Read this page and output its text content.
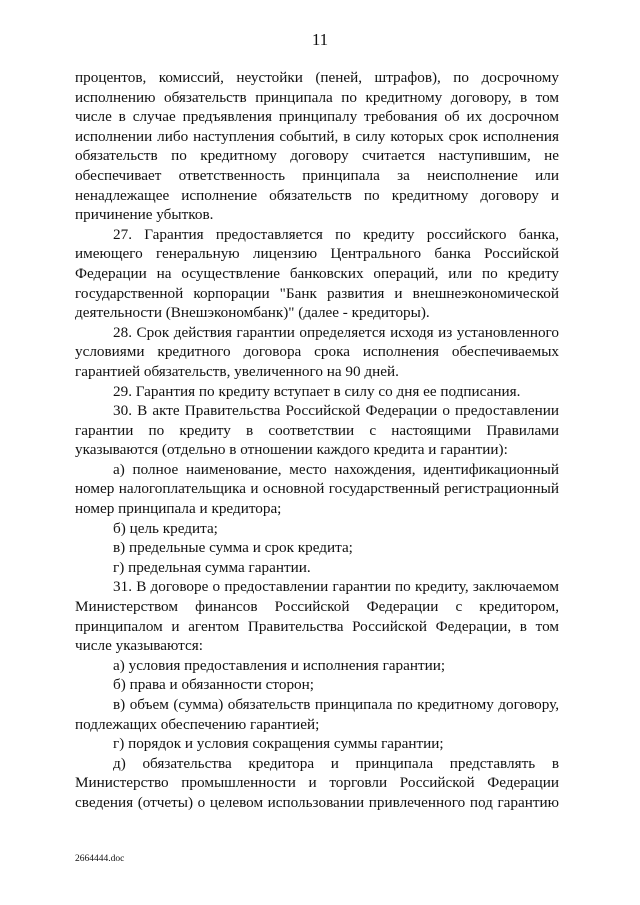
11

процентов, комиссий, неустойки (пеней, штрафов), по досрочному исполнению обязательств принципала по кредитному договору, в том числе в случае предъявления принципалу требования об их досрочном исполнении либо наступления событий, в силу которых срок исполнения обязательств по кредитному договору считается наступившим, не обеспечивает ответственность принципала за неисполнение или ненадлежащее исполнение обязательств по кредитному договору и причинение убытков.

27. Гарантия предоставляется по кредиту российского банка, имеющего генеральную лицензию Центрального банка Российской Федерации на осуществление банковских операций, или по кредиту государственной корпорации "Банк развития и внешнеэкономической деятельности (Внешэкономбанк)" (далее - кредиторы).

28. Срок действия гарантии определяется исходя из установленного условиями кредитного договора срока исполнения обеспечиваемых гарантией обязательств, увеличенного на 90 дней.

29. Гарантия по кредиту вступает в силу со дня ее подписания.

30. В акте Правительства Российской Федерации о предоставлении гарантии по кредиту в соответствии с настоящими Правилами указываются (отдельно в отношении каждого кредита и гарантии):

а) полное наименование, место нахождения, идентификационный номер налогоплательщика и основной государственный регистрационный номер принципала и кредитора;

б) цель кредита;

в) предельные сумма и срок кредита;

г) предельная сумма гарантии.

31. В договоре о предоставлении гарантии по кредиту, заключаемом Министерством финансов Российской Федерации с кредитором, принципалом и агентом Правительства Российской Федерации, в том числе указываются:

а) условия предоставления и исполнения гарантии;

б) права и обязанности сторон;

в) объем (сумма) обязательств принципала по кредитному договору, подлежащих обеспечению гарантией;

г) порядок и условия сокращения суммы гарантии;

д) обязательства кредитора и принципала представлять в Министерство промышленности и торговли Российской Федерации сведения (отчеты) о целевом использовании привлеченного под гарантию

2664444.doc
